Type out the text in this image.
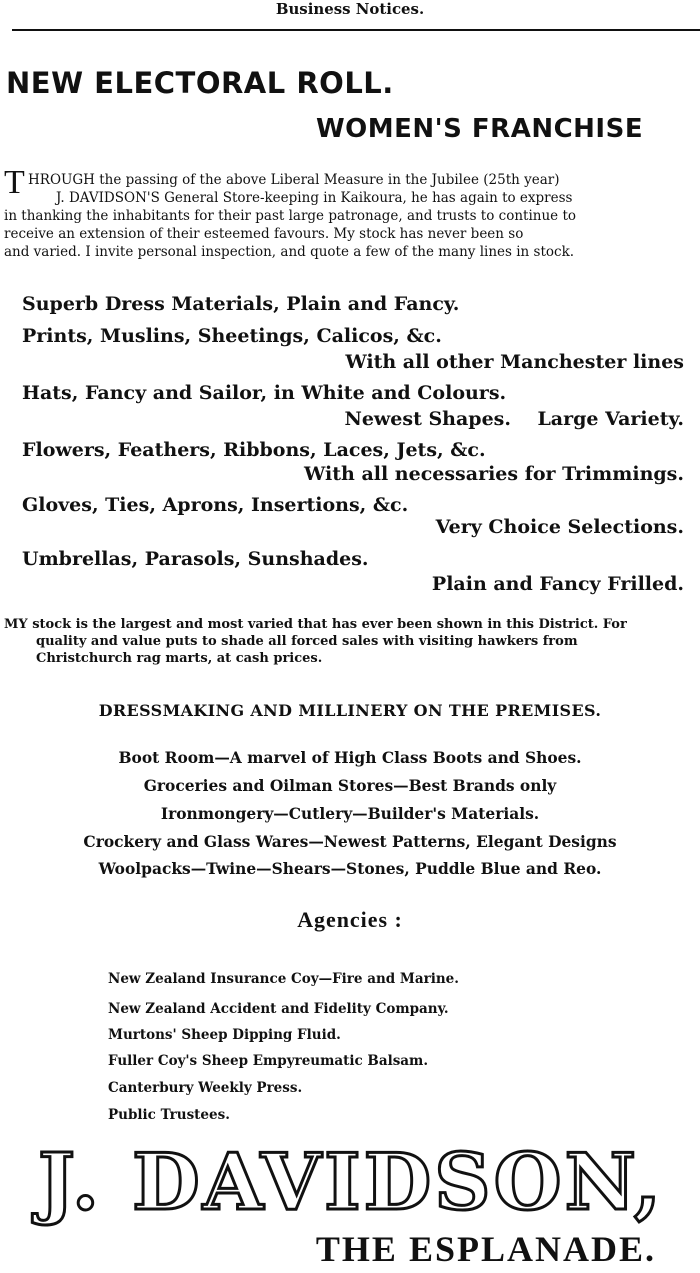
Business Notices.
NEW ELECTORAL ROLL.
WOMEN'S FRANCHISE
T HROUGH the passing of the above Liberal Measure in the Jubilee (25th year)
J. DAVIDSON'S General Store-keeping in Kaikoura, he has again to express
in thanking the inhabitants for their past large patronage, and trusts to continue to
receive an extension of their esteemed favours. My stock has never been so
and varied. I invite personal inspection, and quote a few of the many lines in stock.
Superb Dress Materials, Plain and Fancy.
Prints, Muslins, Sheetings, Calicos, &c.
With all other Manchester lines
Hats, Fancy and Sailor, in White and Colours.
Newest Shapes.    Large Variety.
Flowers, Feathers, Ribbons, Laces, Jets, &c.
With all necessaries for Trimmings.
Gloves, Ties, Aprons, Insertions, &c.
Very Choice Selections.
Umbrellas, Parasols, Sunshades.
Plain and Fancy Frilled.
MY stock is the largest and most varied that has ever been shown in this District. For
quality and value puts to shade all forced sales with visiting hawkers from
Christchurch rag marts, at cash prices.
DRESSMAKING AND MILLINERY ON THE PREMISES.
Boot Room—A marvel of High Class Boots and Shoes.
Groceries and Oilman Stores—Best Brands only
Ironmongery—Cutlery—Builder's Materials.
Crockery and Glass Wares—Newest Patterns, Elegant Designs
Woolpacks—Twine—Shears—Stones, Puddle Blue and Reo.
Agencies :
New Zealand Insurance Coy—Fire and Marine.
New Zealand Accident and Fidelity Company.
Murtons' Sheep Dipping Fluid.
Fuller Coy's Sheep Empyreumatic Balsam.
Canterbury Weekly Press.
Public Trustees.
J. DAVIDSON,
THE ESPLANADE.
